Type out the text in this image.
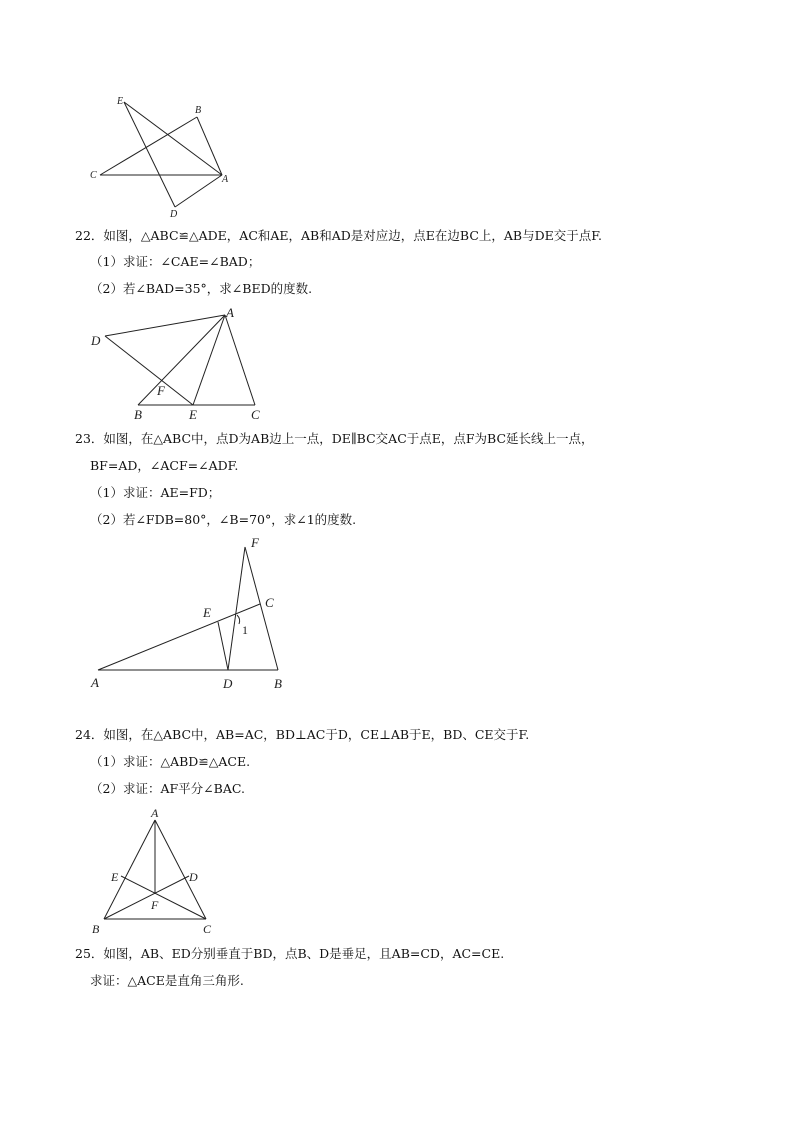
E
B
C	A
D
22．如图，△ABC≌△ADE，AC和AE，AB和AD是对应边，点E在边BC上，AB与DE交于点F.
（1）求证：∠CAE=∠BAD；
（2）若∠BAD=35°，求∠BED的度数.
A
D
F
B	E	C
23．如图，在△ABC中，点D为AB边上一点，DE∥BC交AC于点E，点F为BC延长线上一点，
BF=AD，∠ACF=∠ADF.
（1）求证：AE=FD；
（2）若∠FDB=80°，∠B=70°，求∠1的度数.
F
E
C
1
A	D	B
24．如图，在△ABC中，AB=AC，BD⊥AC于D，CE⊥AB于E，BD、CE交于F.
（1）求证：△ABD≌△ACE.
（2）求证：AF平分∠BAC.
A
E	D
F
B	C
25．如图，AB、ED分别垂直于BD，点B、D是垂足，且AB=CD，AC=CE.
求证：△ACE是直角三角形.
